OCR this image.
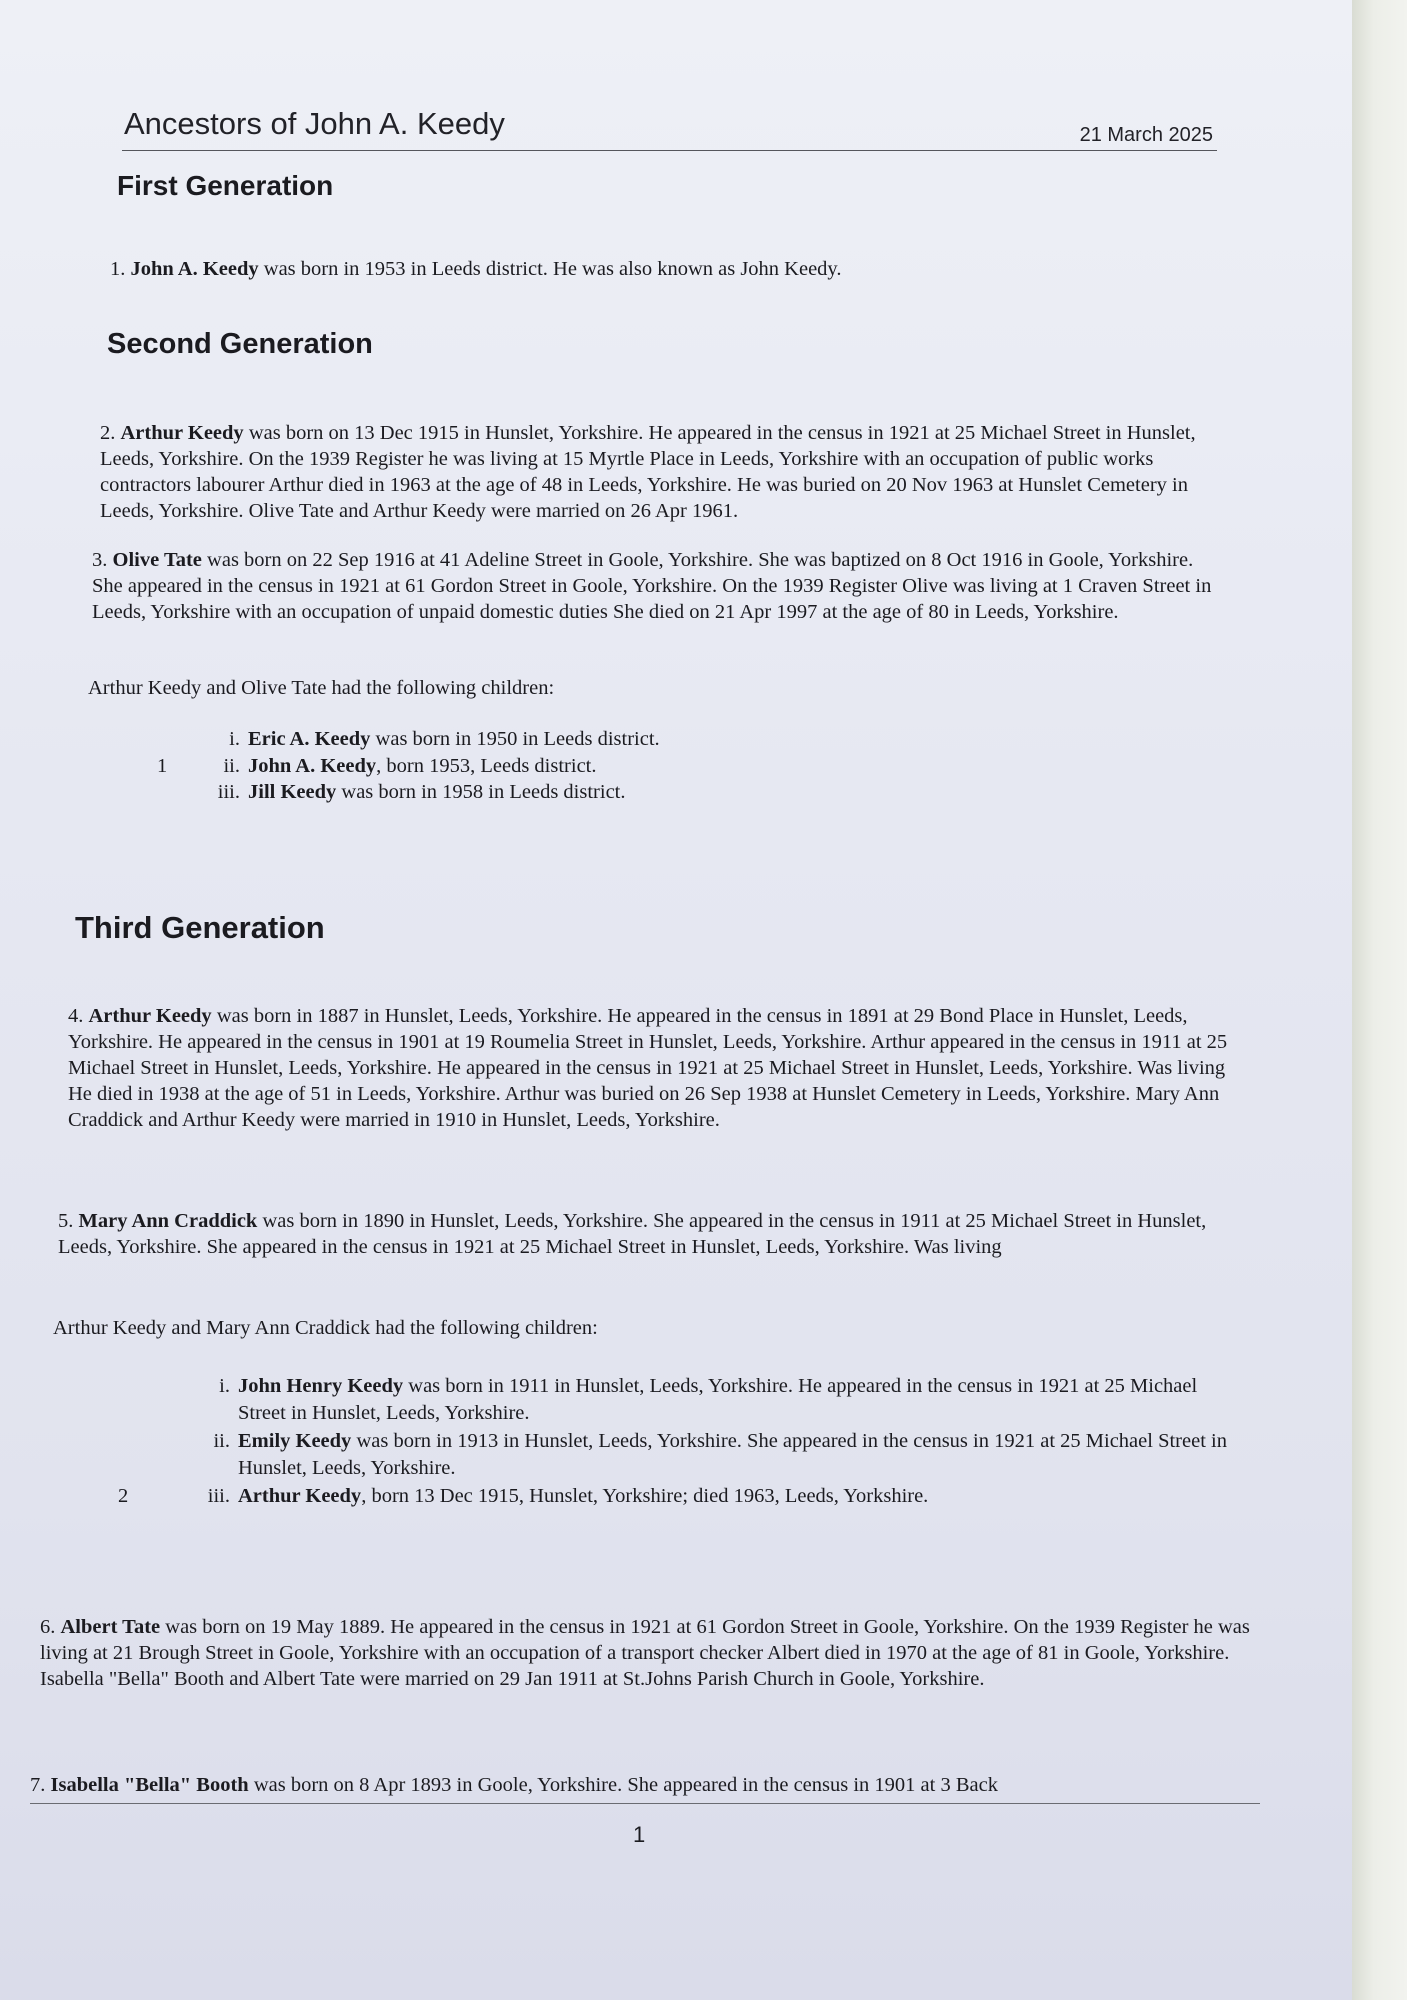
Ancestors of John A. Keedy	21 March 2025
First Generation

1. John A. Keedy was born in 1953 in Leeds district. He was also known as John Keedy.

Second Generation

2. Arthur Keedy was born on 13 Dec 1915 in Hunslet, Yorkshire. He appeared in the census in 1921 at 25 Michael Street in Hunslet, Leeds, Yorkshire. On the 1939 Register he was living at 15 Myrtle Place in Leeds, Yorkshire with an occupation of public works contractors labourer Arthur died in 1963 at the age of 48 in Leeds, Yorkshire. He was buried on 20 Nov 1963 at Hunslet Cemetery in Leeds, Yorkshire. Olive Tate and Arthur Keedy were married on 26 Apr 1961.

3. Olive Tate was born on 22 Sep 1916 at 41 Adeline Street in Goole, Yorkshire. She was baptized on 8 Oct 1916 in Goole, Yorkshire. She appeared in the census in 1921 at 61 Gordon Street in Goole, Yorkshire. On the 1939 Register Olive was living at 1 Craven Street in Leeds, Yorkshire with an occupation of unpaid domestic duties She died on 21 Apr 1997 at the age of 80 in Leeds, Yorkshire.

Arthur Keedy and Olive Tate had the following children:

i. Eric A. Keedy was born in 1950 in Leeds district.
1	ii. John A. Keedy, born 1953, Leeds district.
iii. Jill Keedy was born in 1958 in Leeds district.
Third Generation

4. Arthur Keedy was born in 1887 in Hunslet, Leeds, Yorkshire. He appeared in the census in 1891 at 29 Bond Place in Hunslet, Leeds, Yorkshire. He appeared in the census in 1901 at 19 Roumelia Street in Hunslet, Leeds, Yorkshire. Arthur appeared in the census in 1911 at 25 Michael Street in Hunslet, Leeds, Yorkshire. He appeared in the census in 1921 at 25 Michael Street in Hunslet, Leeds, Yorkshire. Was living He died in 1938 at the age of 51 in Leeds, Yorkshire. Arthur was buried on 26 Sep 1938 at Hunslet Cemetery in Leeds, Yorkshire. Mary Ann Craddick and Arthur Keedy were married in 1910 in Hunslet, Leeds, Yorkshire.

5. Mary Ann Craddick was born in 1890 in Hunslet, Leeds, Yorkshire. She appeared in the census in 1911 at 25 Michael Street in Hunslet, Leeds, Yorkshire. She appeared in the census in 1921 at 25 Michael Street in Hunslet, Leeds, Yorkshire. Was living

Arthur Keedy and Mary Ann Craddick had the following children:

i. John Henry Keedy was born in 1911 in Hunslet, Leeds, Yorkshire. He appeared in the census in 1921 at 25 Michael Street in Hunslet, Leeds, Yorkshire.
ii. Emily Keedy was born in 1913 in Hunslet, Leeds, Yorkshire. She appeared in the census in 1921 at 25 Michael Street in Hunslet, Leeds, Yorkshire.
2	iii. Arthur Keedy, born 13 Dec 1915, Hunslet, Yorkshire; died 1963, Leeds, Yorkshire.

6. Albert Tate was born on 19 May 1889. He appeared in the census in 1921 at 61 Gordon Street in Goole, Yorkshire. On the 1939 Register he was living at 21 Brough Street in Goole, Yorkshire with an occupation of a transport checker Albert died in 1970 at the age of 81 in Goole, Yorkshire. Isabella "Bella" Booth and Albert Tate were married on 29 Jan 1911 at St.Johns Parish Church in Goole, Yorkshire.

7. Isabella "Bella" Booth was born on 8 Apr 1893 in Goole, Yorkshire. She appeared in the census in 1901 at 3 Back

1
